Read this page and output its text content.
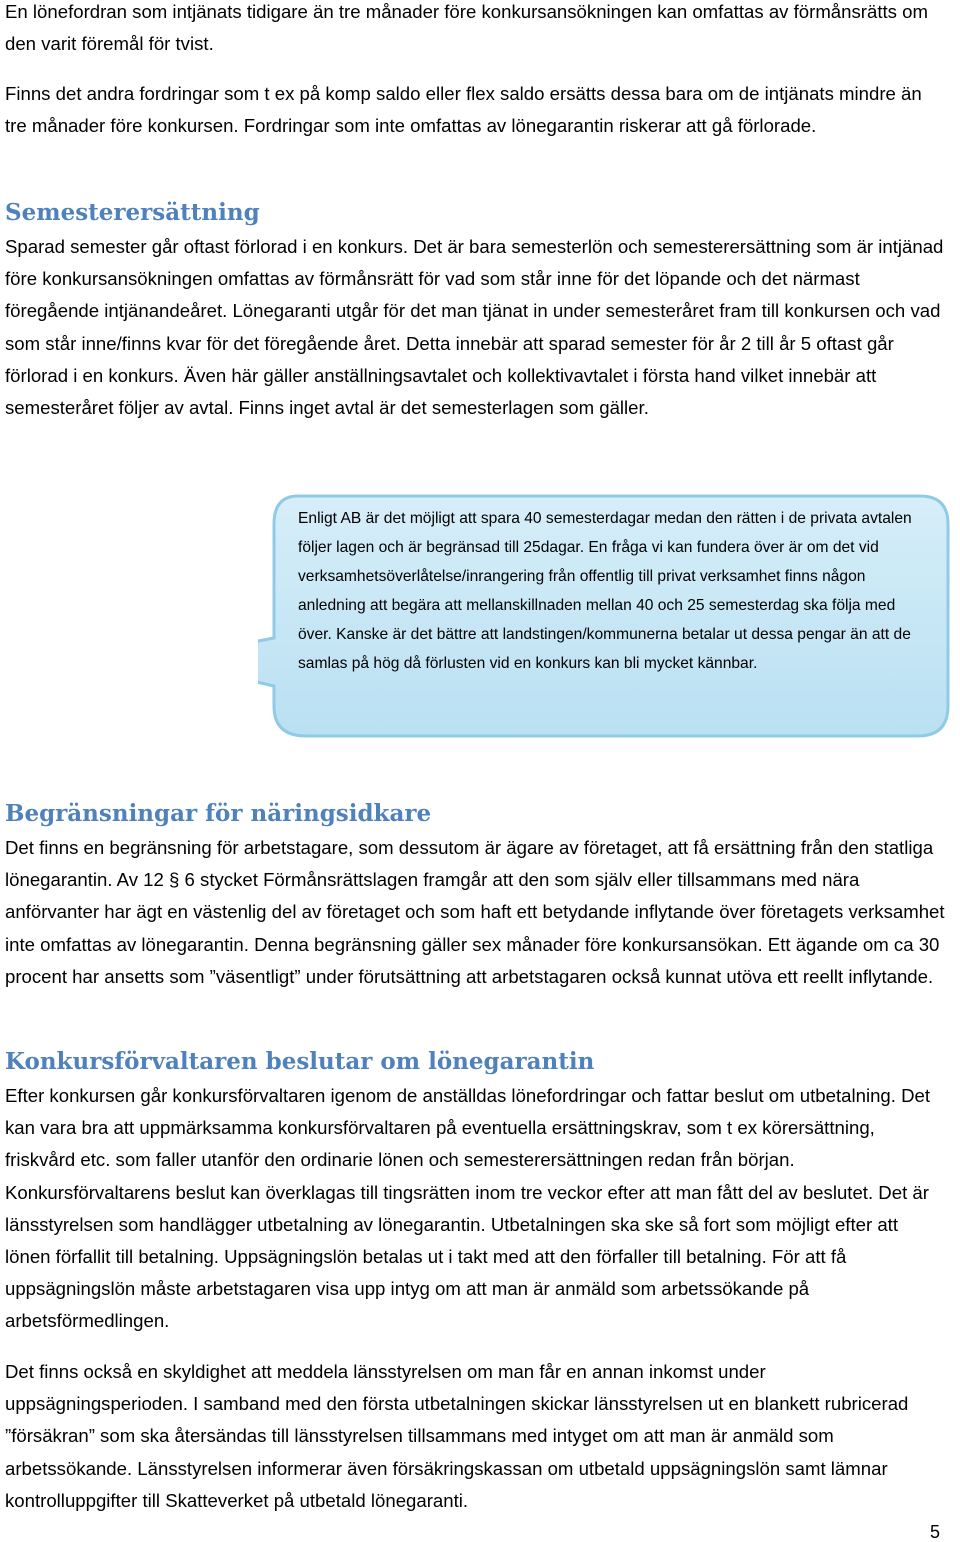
En lönefordran som intjänats tidigare än tre månader före konkursansökningen kan omfattas av förmånsrätts om den varit föremål för tvist.

Finns det andra fordringar som t ex på komp saldo eller flex saldo ersätts dessa bara om de intjänats mindre än tre månader före konkursen. Fordringar som inte omfattas av lönegarantin riskerar att gå förlorade.

Semesterersättning

Sparad semester går oftast förlorad i en konkurs. Det är bara semesterlön och semesterersättning som är intjänad före konkursansökningen omfattas av förmånsrätt för vad som står inne för det löpande och det närmast föregående intjänandeåret. Lönegaranti utgår för det man tjänat in under semesteråret fram till konkursen och vad som står inne/finns kvar för det föregående året. Detta innebär att sparad semester för år 2 till år 5 oftast går förlorad i en konkurs. Även här gäller anställningsavtalet och kollektivavtalet i första hand vilket innebär att semesteråret följer av avtal. Finns inget avtal är det semesterlagen som gäller.

Enligt AB är det möjligt att spara 40 semesterdagar medan den rätten i de privata avtalen följer lagen och är begränsad till 25dagar. En fråga vi kan fundera över är om det vid verksamhetsöverlåtelse/inrangering från offentlig till privat verksamhet finns någon anledning att begära att mellanskillnaden mellan 40 och 25 semesterdag ska följa med över. Kanske är det bättre att landstingen/kommunerna betalar ut dessa pengar än att de samlas på hög då förlusten vid en konkurs kan bli mycket kännbar.

Begränsningar för näringsidkare

Det finns en begränsning för arbetstagare, som dessutom är ägare av företaget, att få ersättning från den statliga lönegarantin. Av 12 § 6 stycket Förmånsrättslagen framgår att den som själv eller tillsammans med nära anförvanter har ägt en västenlig del av företaget och som haft ett betydande inflytande över företagets verksamhet inte omfattas av lönegarantin. Denna begränsning gäller sex månader före konkursansökan. Ett ägande om ca 30 procent har ansetts som ”väsentligt” under förutsättning att arbetstagaren också kunnat utöva ett reellt inflytande.

Konkursförvaltaren beslutar om lönegarantin

Efter konkursen går konkursförvaltaren igenom de anställdas lönefordringar och fattar beslut om utbetalning. Det kan vara bra att uppmärksamma konkursförvaltaren på eventuella ersättningskrav, som t ex körersättning, friskvård etc. som faller utanför den ordinarie lönen och semesterersättningen redan från början. Konkursförvaltarens beslut kan överklagas till tingsrätten inom tre veckor efter att man fått del av beslutet. Det är länsstyrelsen som handlägger utbetalning av lönegarantin. Utbetalningen ska ske så fort som möjligt efter att lönen förfallit till betalning. Uppsägningslön betalas ut i takt med att den förfaller till betalning. För att få uppsägningslön måste arbetstagaren visa upp intyg om att man är anmäld som arbetssökande på arbetsförmedlingen.

Det finns också en skyldighet att meddela länsstyrelsen om man får en annan inkomst under uppsägningsperioden. I samband med den första utbetalningen skickar länsstyrelsen ut en blankett rubricerad ”försäkran” som ska återsändas till länsstyrelsen tillsammans med intyget om att man är anmäld som arbetssökande. Länsstyrelsen informerar även försäkringskassan om utbetald uppsägningslön samt lämnar kontrolluppgifter till Skatteverket på utbetald lönegaranti.

5
